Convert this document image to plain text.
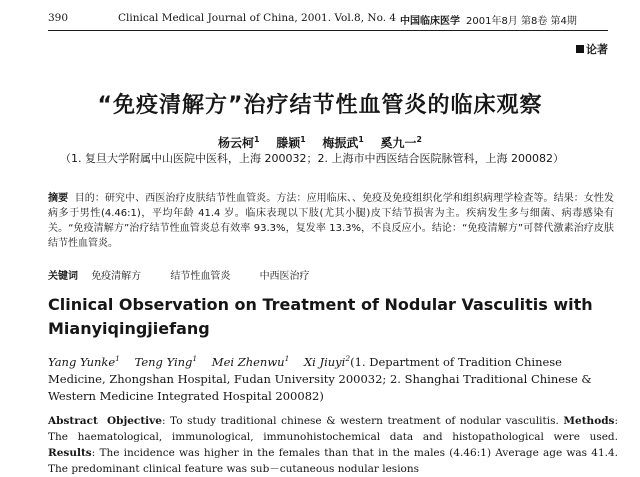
390	Clinical Medical Journal of China, 2001. Vol.8, No. 4 中国临床医学 2001年8月 第8卷 第4期
论著
“免疫清解方”治疗结节性血管炎的临床观察
杨云柯$^1$ 滕颖$^1$ 梅振武$^1$ 奚九一$^2$
（1. 复旦大学附属中山医院中医科，上海 200032；2. 上海市中西医结合医院脉管科，上海 200082）
摘要 目的：研究中、西医治疗皮肤结节性血管炎。方法：应用临床、、免疫及免疫组织化学和组织病理学检查等。结果：女性发病多于男性(4.46:1)，平均年龄 41.4 岁。临床表现以下肢(尤其小腿)皮下结节损害为主。疾病发生多与细菌、病毒感染有关。“免疫清解方”治疗结节性血管炎总有效率 93.3%，复发率 13.3%，不良反应小。结论：“免疫清解方”可替代激素治疗皮肤结节性血管炎。
关键词 免疫清解方	结节性血管炎	中西医治疗
Clinical Observation on Treatment of Nodular Vasculitis with Mianyiqingjiefang
Yang Yunke$^1$ Teng Ying$^1$ Mei Zhenwu$^1$ Xi Jiuyi$^2$(1. Department of Tradition Chinese Medicine, Zhongshan Hospital, Fudan University 200032; 2. Shanghai Traditional Chinese & Western Medicine Integrated Hospital 200082)
Abstract Objective: To study traditional chinese & western treatment of nodular vasculitis. Methods: The haematological, immunological, immunohistochemical data and histopathological were used. Results: The incidence was higher in the females than that in the males (4.46:1) Average age was 41.4. The predominant clinical feature was sub－cutaneous nodular lesions
